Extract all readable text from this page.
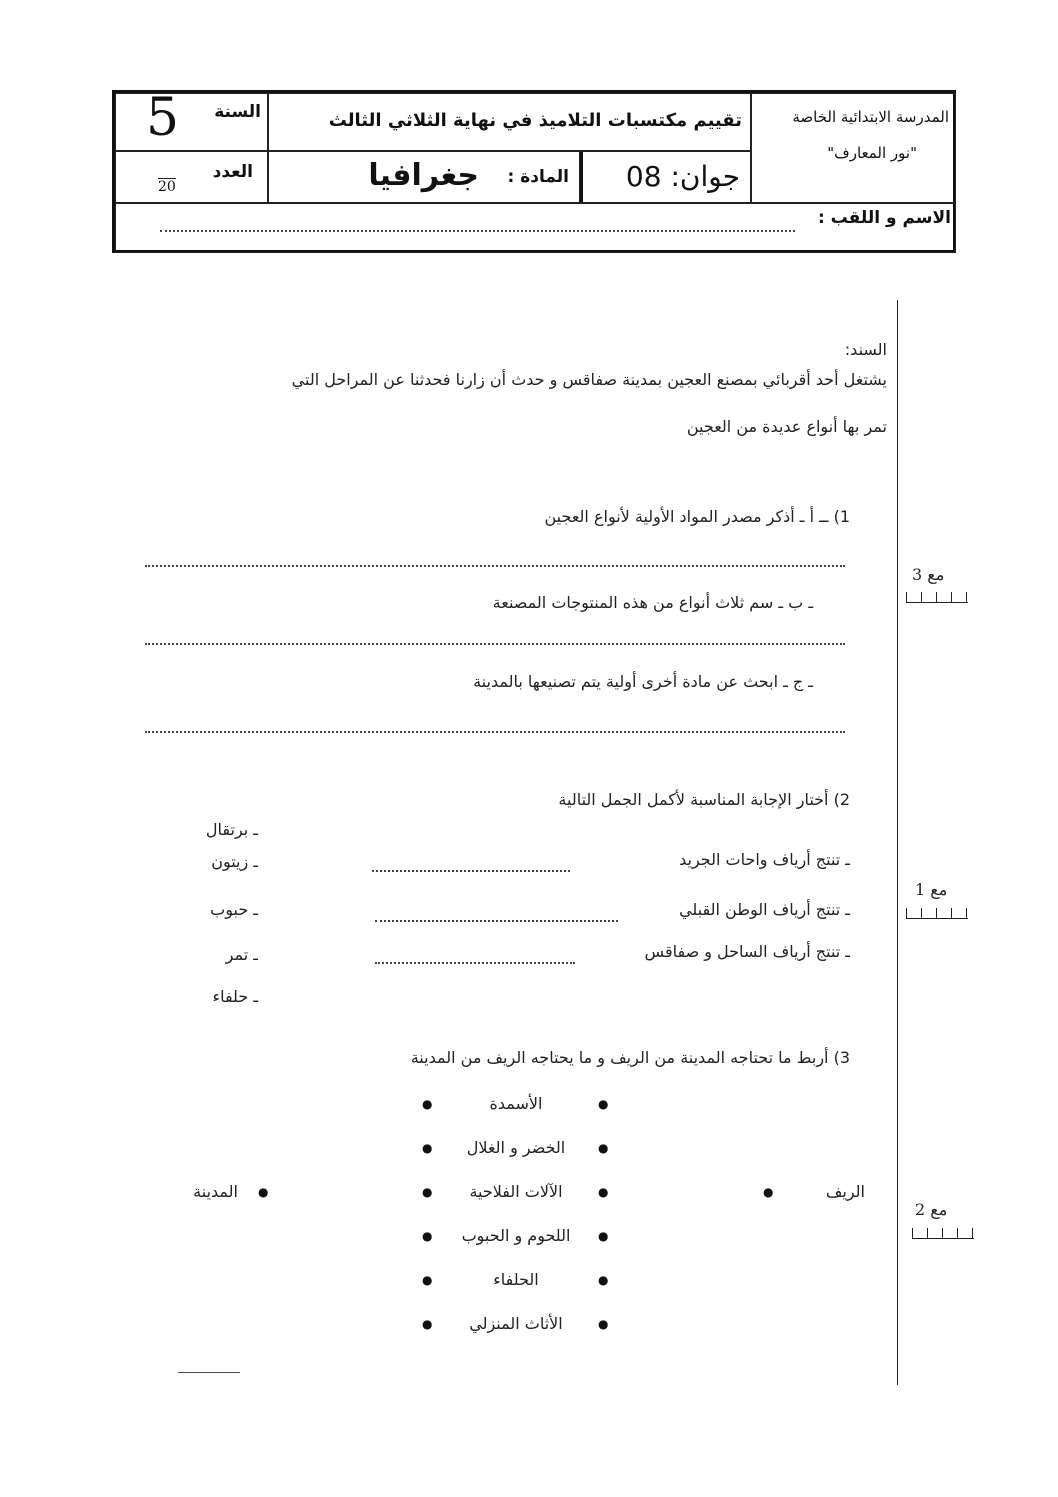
5 السنة
العدد
20
تقييم مكتسبات التلاميذ في نهاية الثلاثي الثالث
المادة :
جغرافيا	جوان: 08
المدرسة الابتدائية الخاصة
"نور المعارف"
الاسم و اللقب :
السند:
يشتغل أحد أقربائي بمصنع العجين بمدينة صفاقس و حدث أن زارنا فحدثنا عن المراحل التي
تمر بها أنواع عديدة من العجين
1) ــ أ ـ أذكر مصدر المواد الأولية لأنواع العجين
ـ ب ـ سم ثلاث أنواع من هذه المنتوجات المصنعة
ـ ج ـ ابحث عن مادة أخرى أولية يتم تصنيعها بالمدينة
مع 3
2) أختار الإجابة المناسبة لأكمل الجمل التالية
ـ تنتج أرياف واحات الجريد
ـ تنتج أرياف الوطن القبلي
ـ تنتج أرياف الساحل و صفاقس
ـ برتقال
ـ زيتون
ـ حبوب
ـ تمر
ـ حلفاء
مع 1
3) أربط ما تحتاجه المدينة من الريف و ما يحتاجه الريف من المدينة
الريف
●
المدينة ●
●
الأسمدة
●
●
الخضر و الغلال
●
●
الآلات الفلاحية
●
●
اللحوم و الحبوب
●
●
الحلفاء
●
●
الأثاث المنزلي
●
مع 2
